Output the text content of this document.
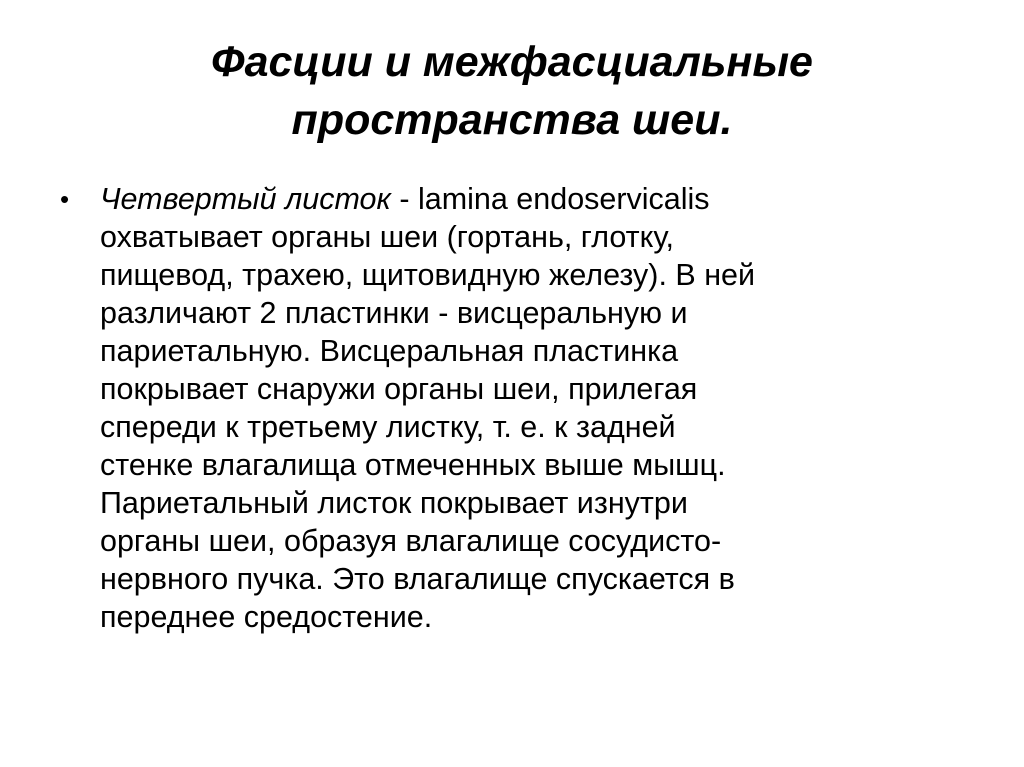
Фасции и межфасциальные
пространства шеи.
• Четвертый листок - lamina endoservicalis
охватывает органы шеи (гортань, глотку,
пищевод, трахею, щитовидную железу). В ней
различают 2 пластинки - висцеральную и
париетальную. Висцеральная пластинка
покрывает снаружи органы шеи, прилегая
спереди к третьему листку, т. е. к задней
стенке влагалища отмеченных выше мышц.
Париетальный листок покрывает изнутри
органы шеи, образуя влагалище сосудисто-
нервного пучка. Это влагалище спускается в
переднее средостение.
